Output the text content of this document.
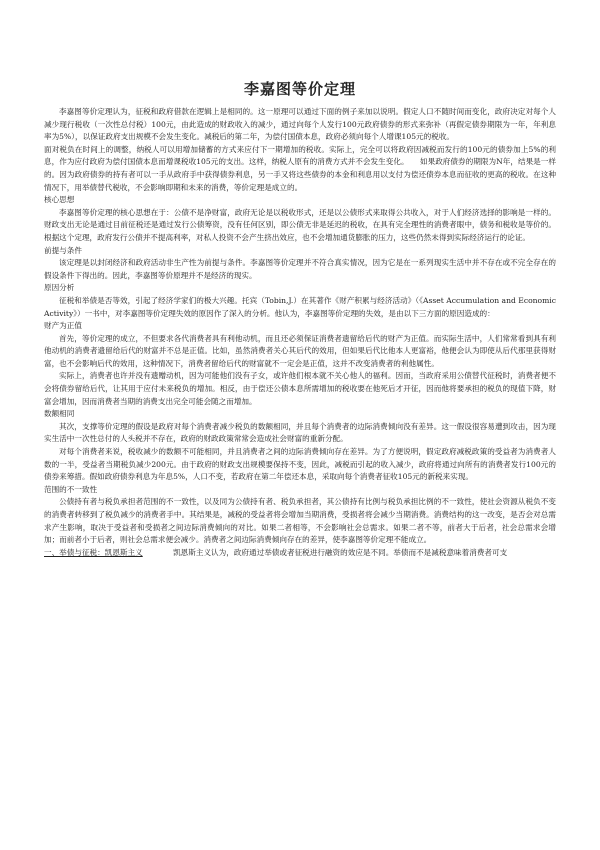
李嘉图等价定理

李嘉图等价定理认为，征税和政府借款在逻辑上是相同的。这一原理可以通过下面的例子来加以说明。假定人口不随时间而变化，政府决定对每个人减少现行税收（一次性总付税）100元，由此造成的财政收入的减少，通过向每个人发行100元政府债券的形式来弥补（再假定债券期限为一年，年利息率为5%），以保证政府支出规模不会发生变化。减税后的第二年，为偿付国债本息，政府必须向每个人增课105元的税收。

面对税负在时间上的调整，纳税人可以用增加储蓄的方式来应付下一期增加的税收。实际上，完全可以将政府因减税而发行的100元的债券加上5%的利息，作为应付政府为偿付国债本息而增课税收105元的支出。这样，纳税人原有的消费方式并不会发生变化。　　如果政府债券的期限为N年，结果是一样的。因为政府债券的持有者可以一手从政府手中获得债券利息，另一手又将这些债券的本金和利息用以支付为偿还债券本息而征收的更高的税收。在这种情况下，用举债替代税收，不会影响即期和未来的消费，等价定理是成立的。

核心思想

李嘉图等价定理的核心思想在于：公债不是净财富，政府无论是以税收形式，还是以公债形式来取得公共收入，对于人们经济选择的影响是一样的。财政支出无论是通过目前征税还是通过发行公债筹资，没有任何区别，即公债无非是延迟的税收，在具有完全理性的消费者眼中，债务和税收是等价的。根据这个定理，政府发行公债并不提高利率，对私人投资不会产生挤出效应，也不会增加通货膨胀的压力，这些仍然未得到实际经济运行的论证。

前提与条件

该定理是以封闭经济和政府活动非生产性为前提与条件。李嘉图等价定理并不符合真实情况，因为它是在一系列现实生活中并不存在或不完全存在的假设条件下得出的。因此，李嘉图等价原理并不是经济的现实。

原因分析

征税和举债是否等效，引起了经济学家们的极大兴趣。托宾（Tobin,J.）在其著作《财产积累与经济活动》（《Asset Accumulation and Economic Activity》）一书中，对李嘉图等价定理失效的原因作了深入的分析。他认为，李嘉图等价定理的失效，是由以下三方面的原因造成的：

财产为正值

首先，等价定理的成立，不但要求各代消费者具有利他动机，而且还必须保证消费者遗留给后代的财产为正值。而实际生活中，人们常常看到具有利他动机的消费者遗留给后代的财富并不总是正值。比如，虽然消费者关心其后代的效用，但如果后代比他本人更富裕，他便会认为即使从后代那里获得财富，也不会影响后代的效用，这种情况下，消费者留给后代的财富就不一定会是正值，这并不改变消费者的利他属性。

实际上，消费者也许并没有遗赠动机，因为可能他们没有子女，或许他们根本就不关心他人的福利。因而，当政府采用公债替代征税时，消费者便不会将债券留给后代，让其用于应付未来税负的增加。相反，由于偿还公债本息所需增加的税收要在他死后才开征，因而他将要承担的税负的现值下降，财富会增加，因而消费者当期的消费支出完全可能会随之而增加。

数额相同

其次，支撑等价定理的假设是政府对每个消费者减少税负的数额相同，并且每个消费者的边际消费倾向没有差异。这一假设很容易遭到攻击，因为现实生活中一次性总付的人头税并不存在，政府的财政政策常常会造成社会财富的重新分配。

对每个消费者来说，税收减少的数额不可能相同，并且消费者之间的边际消费倾向存在差异。为了方便说明，假定政府减税政策的受益者为消费者人数的一半，受益者当期税负减少200元。由于政府的财政支出规模要保持不变，因此，减税而引起的收入减少，政府将通过向所有的消费者发行100元的债券来筹措。假如政府债券利息为年息5%，人口不变，若政府在第二年偿还本息，采取向每个消费者征收105元的新税来实现。

范围的不一致性

公债持有者与税负承担者范围的不一致性，以及同为公债持有者、税负承担者，其公债持有比例与税负承担比例的不一致性，使社会资源从税负不变的消费者转移到了税负减少的消费者手中。其结果是，减税的受益者将会增加当期消费，受损者将会减少当期消费。消费结构的这一改变，是否会对总需求产生影响，取决于受益者和受损者之间边际消费倾向的对比。如果二者相等，不会影响社会总需求。如果二者不等，前者大于后者，社会总需求会增加；而前者小于后者，则社会总需求便会减少。消费者之间边际消费倾向存在的差异，使李嘉图等价定理不能成立。

一、举债与征税：凯恩斯主义　　　　	凯恩斯主义认为，政府通过举债或者征税进行融资的效应是不同。举债而不是减税意味着消费者可支
